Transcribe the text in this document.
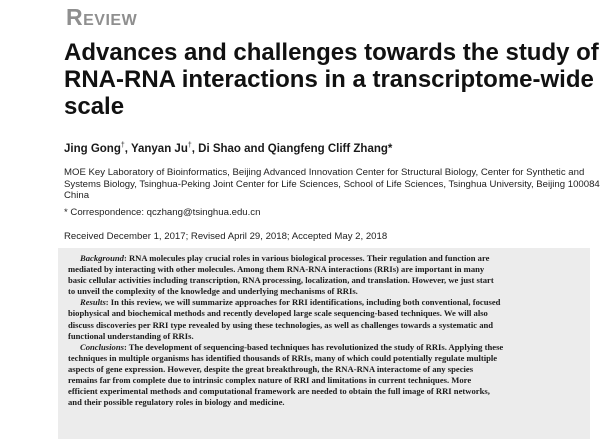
Review
Advances and challenges towards the study of
RNA-RNA interactions in a transcriptome-wide
scale
Jing Gong†, Yanyan Ju†, Di Shao and Qiangfeng Cliff Zhang*
MOE Key Laboratory of Bioinformatics, Beijing Advanced Innovation Center for Structural Biology, Center for Synthetic and
Systems Biology, Tsinghua-Peking Joint Center for Life Sciences, School of Life Sciences, Tsinghua University, Beijing 100084
China
* Correspondence: qczhang@tsinghua.edu.cn
Received December 1, 2017; Revised April 29, 2018; Accepted May 2, 2018
Background: RNA molecules play crucial roles in various biological processes. Their regulation and function are
mediated by interacting with other molecules. Among them RNA-RNA interactions (RRIs) are important in many
basic cellular activities including transcription, RNA processing, localization, and translation. However, we just start
to unveil the complexity of the knowledge and underlying mechanisms of RRIs.
Results: In this review, we will summarize approaches for RRI identifications, including both conventional, focused
biophysical and biochemical methods and recently developed large scale sequencing-based techniques. We will also
discuss discoveries per RRI type revealed by using these technologies, as well as challenges towards a systematic and
functional understanding of RRIs.
Conclusions: The development of sequencing-based techniques has revolutionized the study of RRIs. Applying these
techniques in multiple organisms has identified thousands of RRIs, many of which could potentially regulate multiple
aspects of gene expression. However, despite the great breakthrough, the RNA-RNA interactome of any species
remains far from complete due to intrinsic complex nature of RRI and limitations in current techniques. More
efficient experimental methods and computational framework are needed to obtain the full image of RRI networks,
and their possible regulatory roles in biology and medicine.
